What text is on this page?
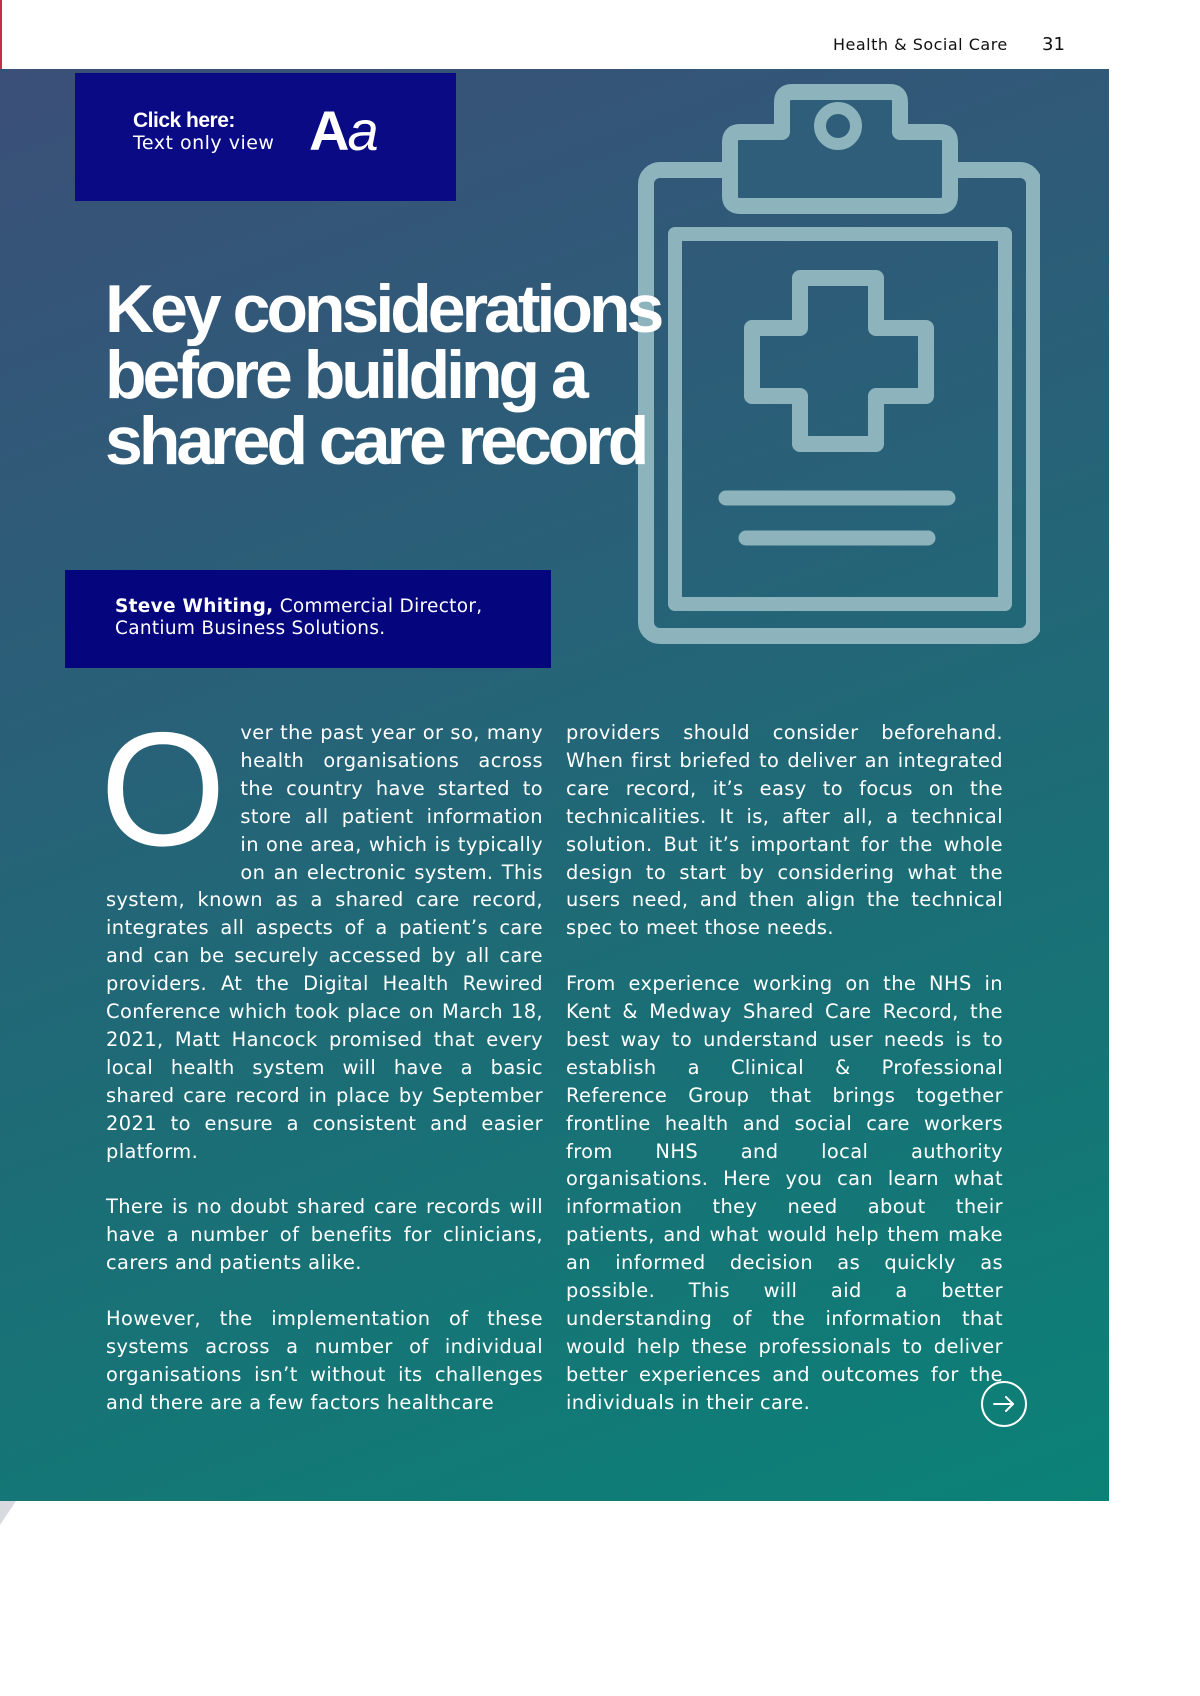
Health & Social Care 31
Click here:
Text only view Aa
Key considerations
before building a
shared care record
Steve Whiting, Commercial Director,
Cantium Business Solutions.

Over the past year or so, many health organisations across the country have started to store all patient information in one area, which is typically on an electronic system. This system, known as a shared care record, integrates all aspects of a patient’s care and can be securely accessed by all care providers. At the Digital Health Rewired Conference which took place on March 18, 2021, Matt Hancock promised that every local health system will have a basic shared care record in place by September 2021 to ensure a consistent and easier platform.

There is no doubt shared care records will have a number of benefits for clinicians, carers and patients alike.

However, the implementation of these systems across a number of individual organisations isn’t without its challenges and there are a few factors healthcare

providers should consider beforehand. When first briefed to deliver an integrated care record, it’s easy to focus on the technicalities. It is, after all, a technical solution. But it’s important for the whole design to start by considering what the users need, and then align the technical spec to meet those needs.

From experience working on the NHS in Kent & Medway Shared Care Record, the best way to understand user needs is to establish a Clinical & Professional Reference Group that brings together frontline health and social care workers from NHS and local authority organisations. Here you can learn what information they need about their patients, and what would help them make an informed decision as quickly as possible. This will aid a better understanding of the information that would help these professionals to deliver better experiences and outcomes for the individuals in their care.
